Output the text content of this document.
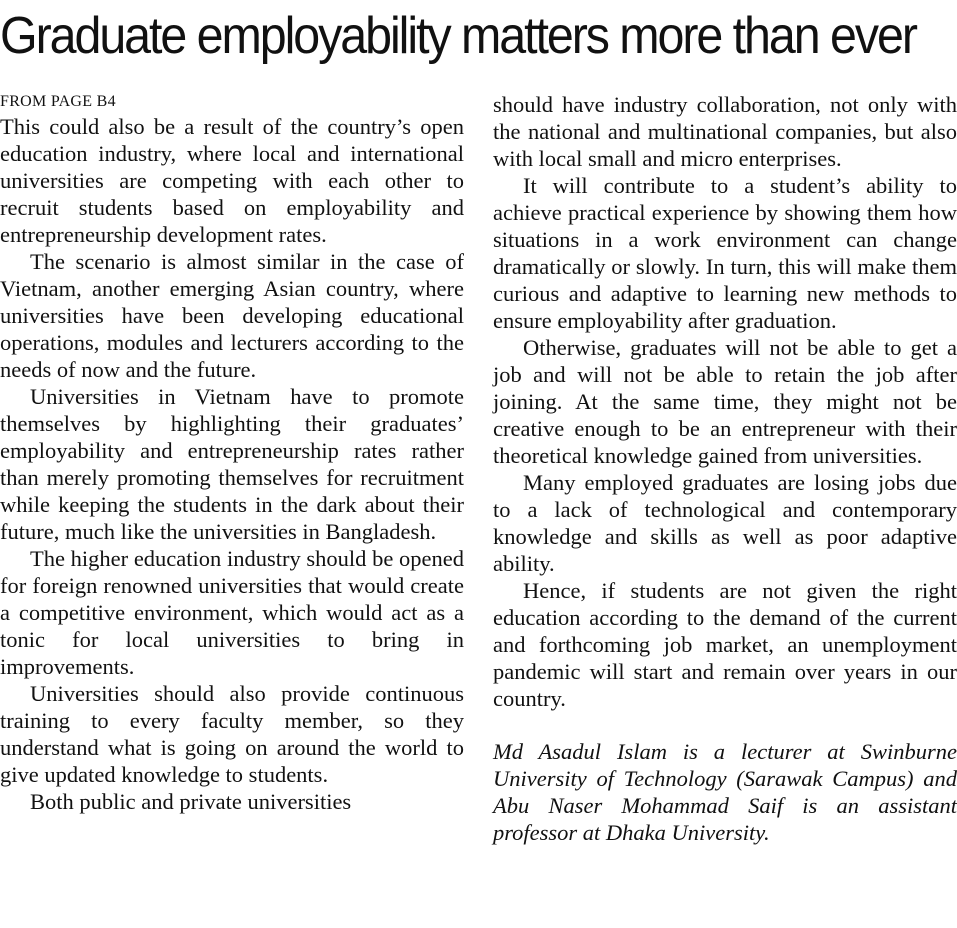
Graduate employability matters more than ever
FROM PAGE B4

This could also be a result of the country’s open education industry, where local and international universities are competing with each other to recruit students based on employability and entrepreneurship development rates.

The scenario is almost similar in the case of Vietnam, another emerging Asian country, where universities have been developing educational operations, modules and lecturers according to the needs of now and the future.

Universities in Vietnam have to promote themselves by highlighting their graduates’ employability and entrepreneurship rates rather than merely promoting themselves for recruitment while keeping the students in the dark about their future, much like the universities in Bangladesh.

The higher education industry should be opened for foreign renowned universities that would create a competitive environment, which would act as a tonic for local universities to bring in improvements.

Universities should also provide continuous training to every faculty member, so they understand what is going on around the world to give updated knowledge to students.

Both public and private universities

should have industry collaboration, not only with the national and multinational companies, but also with local small and micro enterprises.

It will contribute to a student’s ability to achieve practical experience by showing them how situations in a work environment can change dramatically or slowly. In turn, this will make them curious and adaptive to learning new methods to ensure employability after graduation.

Otherwise, graduates will not be able to get a job and will not be able to retain the job after joining. At the same time, they might not be creative enough to be an entrepreneur with their theoretical knowledge gained from universities.

Many employed graduates are losing jobs due to a lack of technological and contemporary knowledge and skills as well as poor adaptive ability.

Hence, if students are not given the right education according to the demand of the current and forthcoming job market, an unemployment pandemic will start and remain over years in our country.

Md Asadul Islam is a lecturer at Swinburne University of Technology (Sarawak Campus) and Abu Naser Mohammad Saif is an assistant professor at Dhaka University.
